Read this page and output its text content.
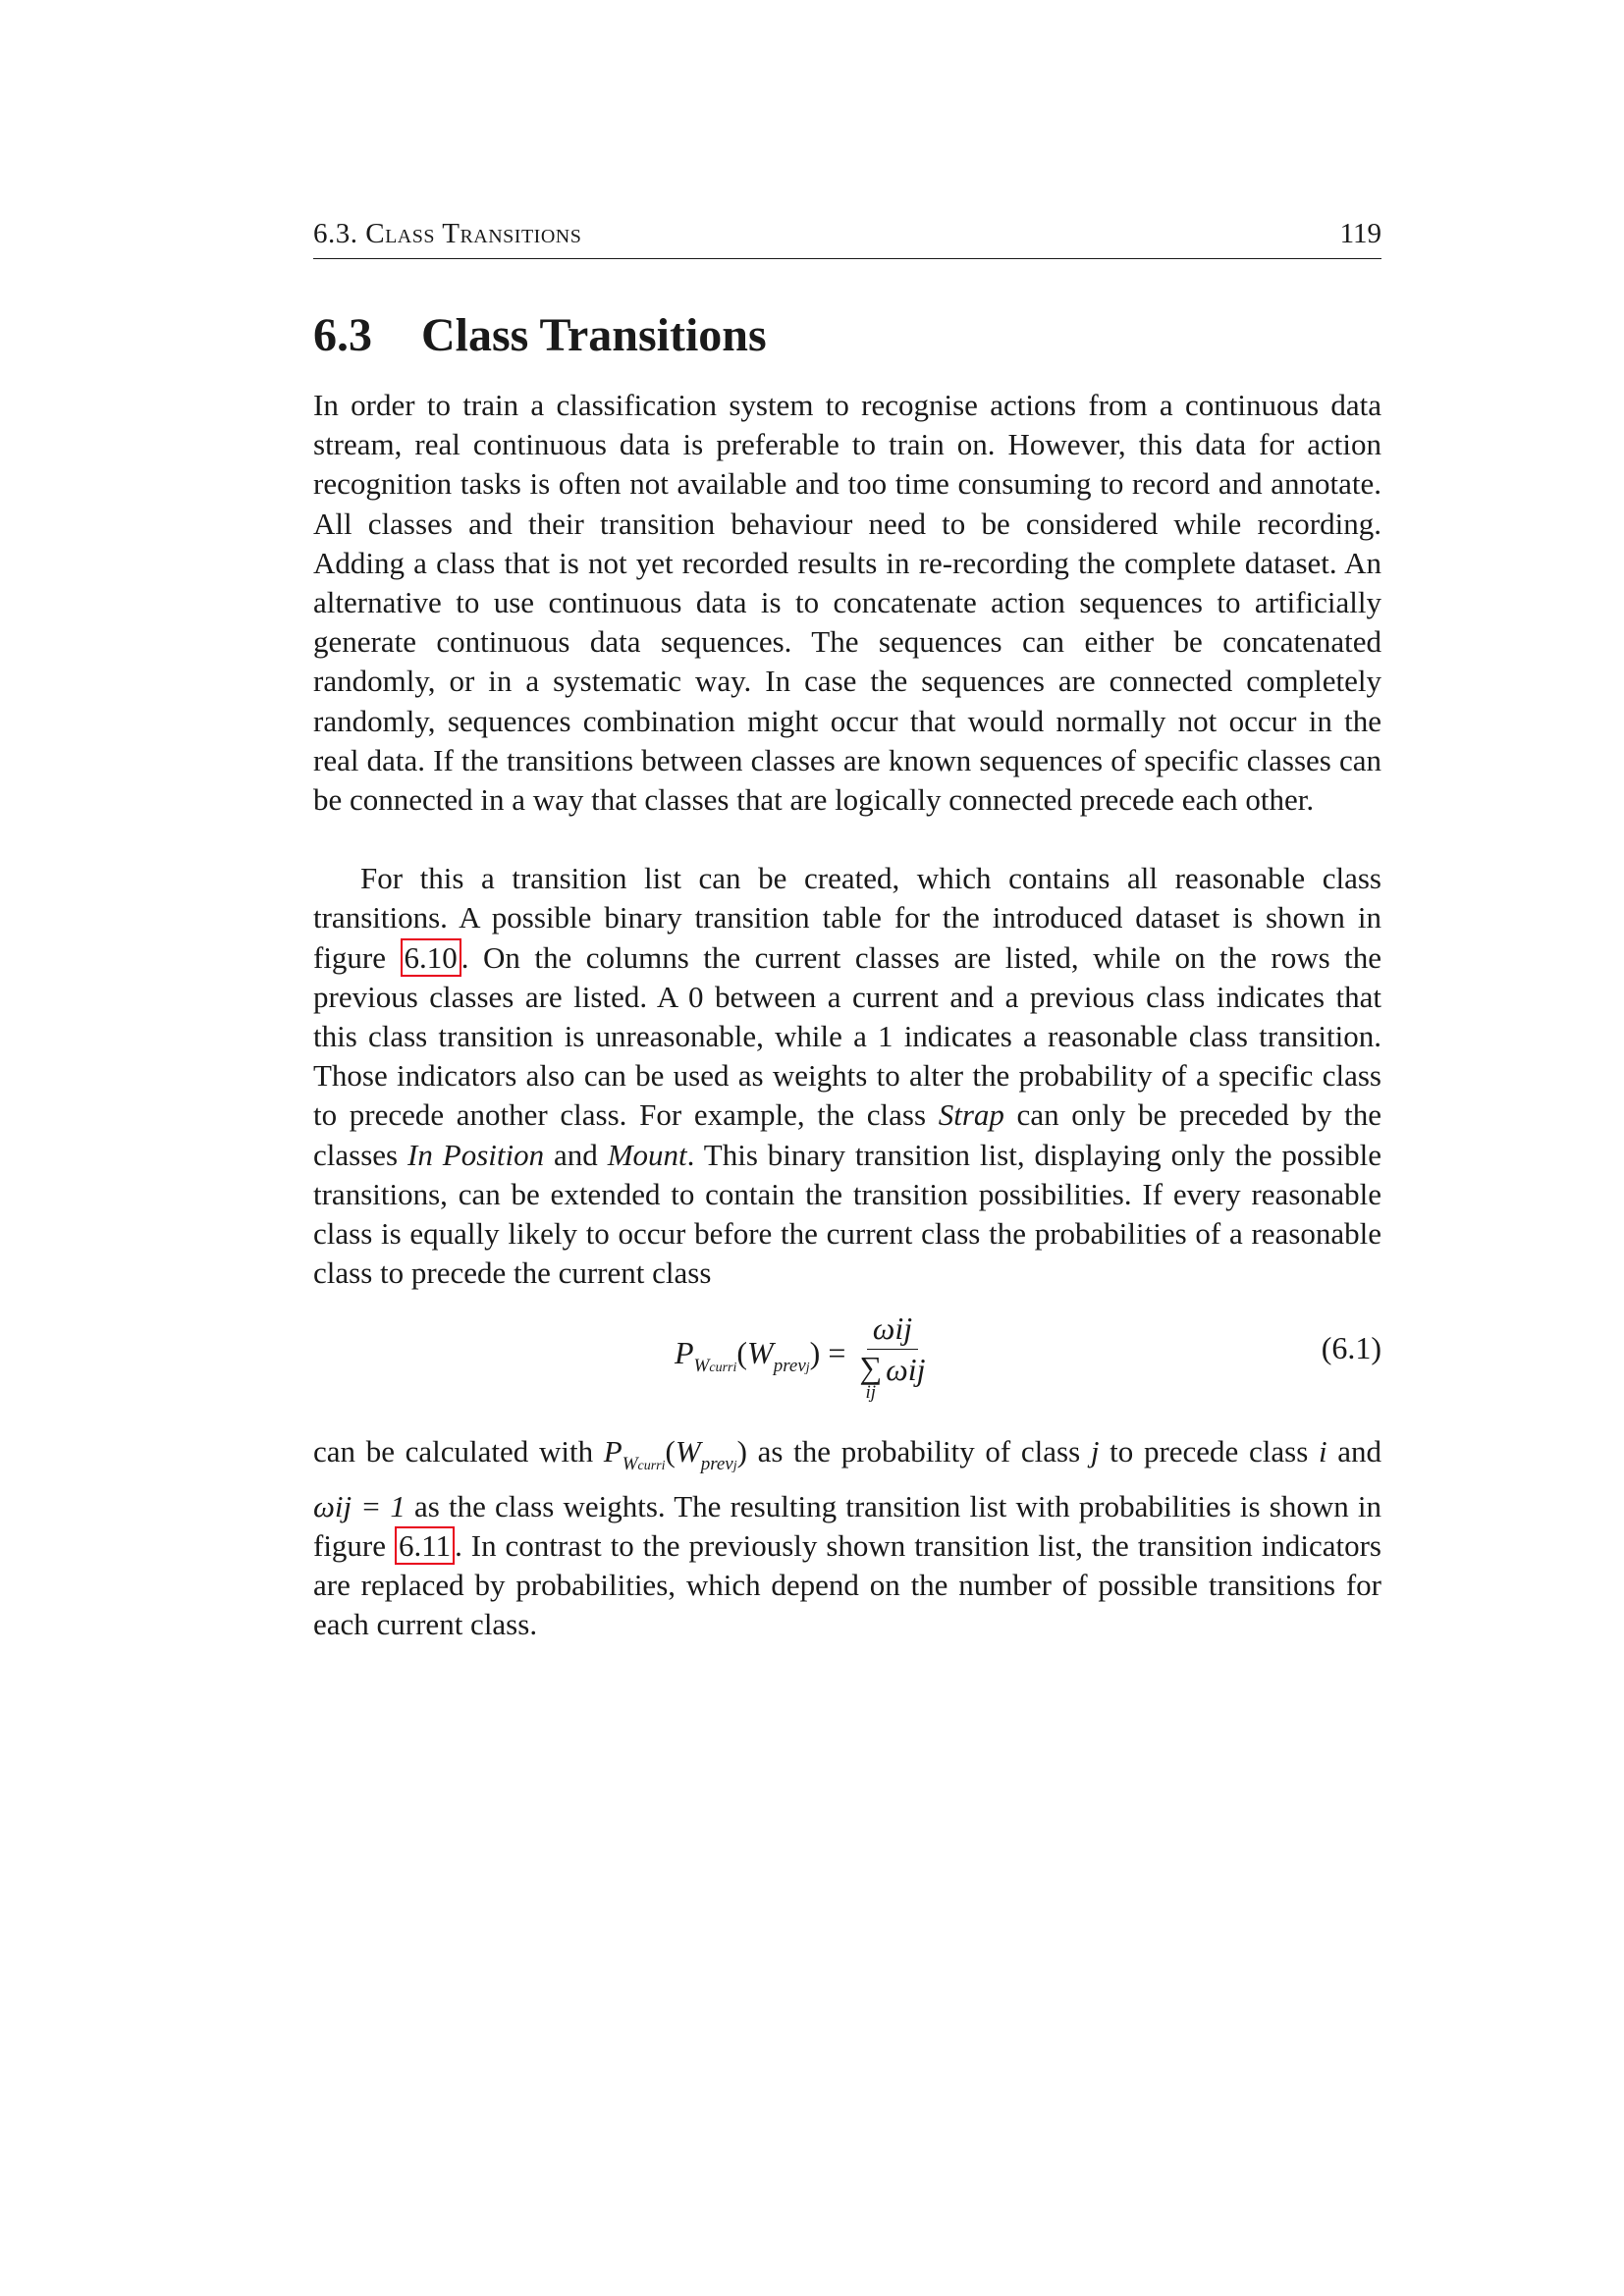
6.3. Class Transitions	119
6.3 Class Transitions

In order to train a classification system to recognise actions from a continuous data stream, real continuous data is preferable to train on. However, this data for action recognition tasks is often not available and too time consuming to record and annotate. All classes and their transition behaviour need to be considered while recording. Adding a class that is not yet recorded results in re-recording the complete dataset. An alternative to use continuous data is to concatenate action sequences to artificially generate continuous data sequences. The sequences can either be concatenated randomly, or in a systematic way. In case the sequences are connected completely randomly, sequences combination might occur that would normally not occur in the real data. If the transitions between classes are known sequences of specific classes can be connected in a way that classes that are logically connected precede each other.

For this a transition list can be created, which contains all reasonable class transitions. A possible binary transition table for the introduced dataset is shown in figure 6.10 . On the columns the current classes are listed, while on the rows the previous classes are listed. A 0 between a current and a previous class indicates that this class transition is unreasonable, while a 1 indicates a reasonable class transition. Those indicators also can be used as weights to alter the probability of a specific class to precede another class. For example, the class Strap can only be preceded by the classes In Position and Mount. This binary transition list, displaying only the possible transitions, can be extended to contain the transition possibilities. If every reasonable class is equally likely to occur before the current class the probabilities of a reasonable class to precede the current class

$P_{Wcurri}(W_{prevj}) = \omega ij$
∑
ij
ωij	(6.1)

can be calculated with $P_{Wcurri}(W_{prevj})$ as the probability of class j to precede class i and ωij = 1 as the class weights. The resulting transition list with probabilities is shown in figure 6.11 . In contrast to the previously shown transition list, the transition indicators are replaced by probabilities, which depend on the number of possible transitions for each current class.
